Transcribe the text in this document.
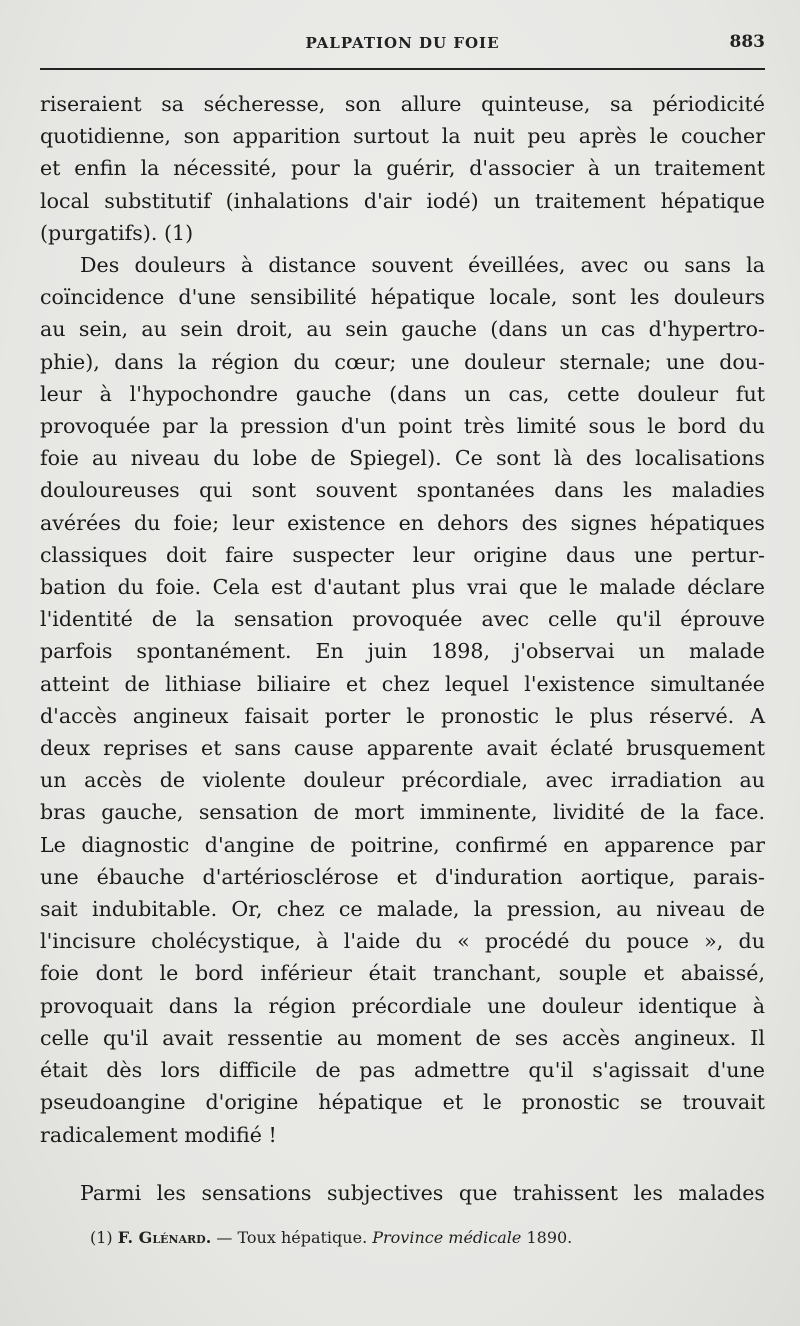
PALPATION DU FOIE	883

riseraient sa sécheresse, son allure quinteuse, sa périodicité
quotidienne, son apparition surtout la nuit peu après le coucher
et enfin la nécessité, pour la guérir, d'associer à un traitement
local substitutif (inhalations d'air iodé) un traitement hépatique
(purgatifs). (1)

Des douleurs à distance souvent éveillées, avec ou sans la
coïncidence d'une sensibilité hépatique locale, sont les douleurs
au sein, au sein droit, au sein gauche (dans un cas d'hypertro-
phie), dans la région du cœur; une douleur sternale; une dou-
leur à l'hypochondre gauche (dans un cas, cette douleur fut
provoquée par la pression d'un point très limité sous le bord du
foie au niveau du lobe de Spiegel). Ce sont là des localisations
douloureuses qui sont souvent spontanées dans les maladies
avérées du foie; leur existence en dehors des signes hépatiques
classiques doit faire suspecter leur origine daus une pertur-
bation du foie. Cela est d'autant plus vrai que le malade déclare
l'identité de la sensation provoquée avec celle qu'il éprouve
parfois spontanément. En juin 1898, j'observai un malade
atteint de lithiase biliaire et chez lequel l'existence simultanée
d'accès angineux faisait porter le pronostic le plus réservé. A
deux reprises et sans cause apparente avait éclaté brusquement
un accès de violente douleur précordiale, avec irradiation au
bras gauche, sensation de mort imminente, lividité de la face.
Le diagnostic d'angine de poitrine, confirmé en apparence par
une ébauche d'artériosclérose et d'induration aortique, parais-
sait indubitable. Or, chez ce malade, la pression, au niveau de
l'incisure cholécystique, à l'aide du « procédé du pouce », du
foie dont le bord inférieur était tranchant, souple et abaissé,
provoquait dans la région précordiale une douleur identique à
celle qu'il avait ressentie au moment de ses accès angineux. Il
était dès lors difficile de pas admettre qu'il s'agissait d'une
pseudoangine d'origine hépatique et le pronostic se trouvait
radicalement modifié !

Parmi les sensations subjectives que trahissent les malades

(1) F. Glénard. — Toux hépatique. Province médicale 1890.
